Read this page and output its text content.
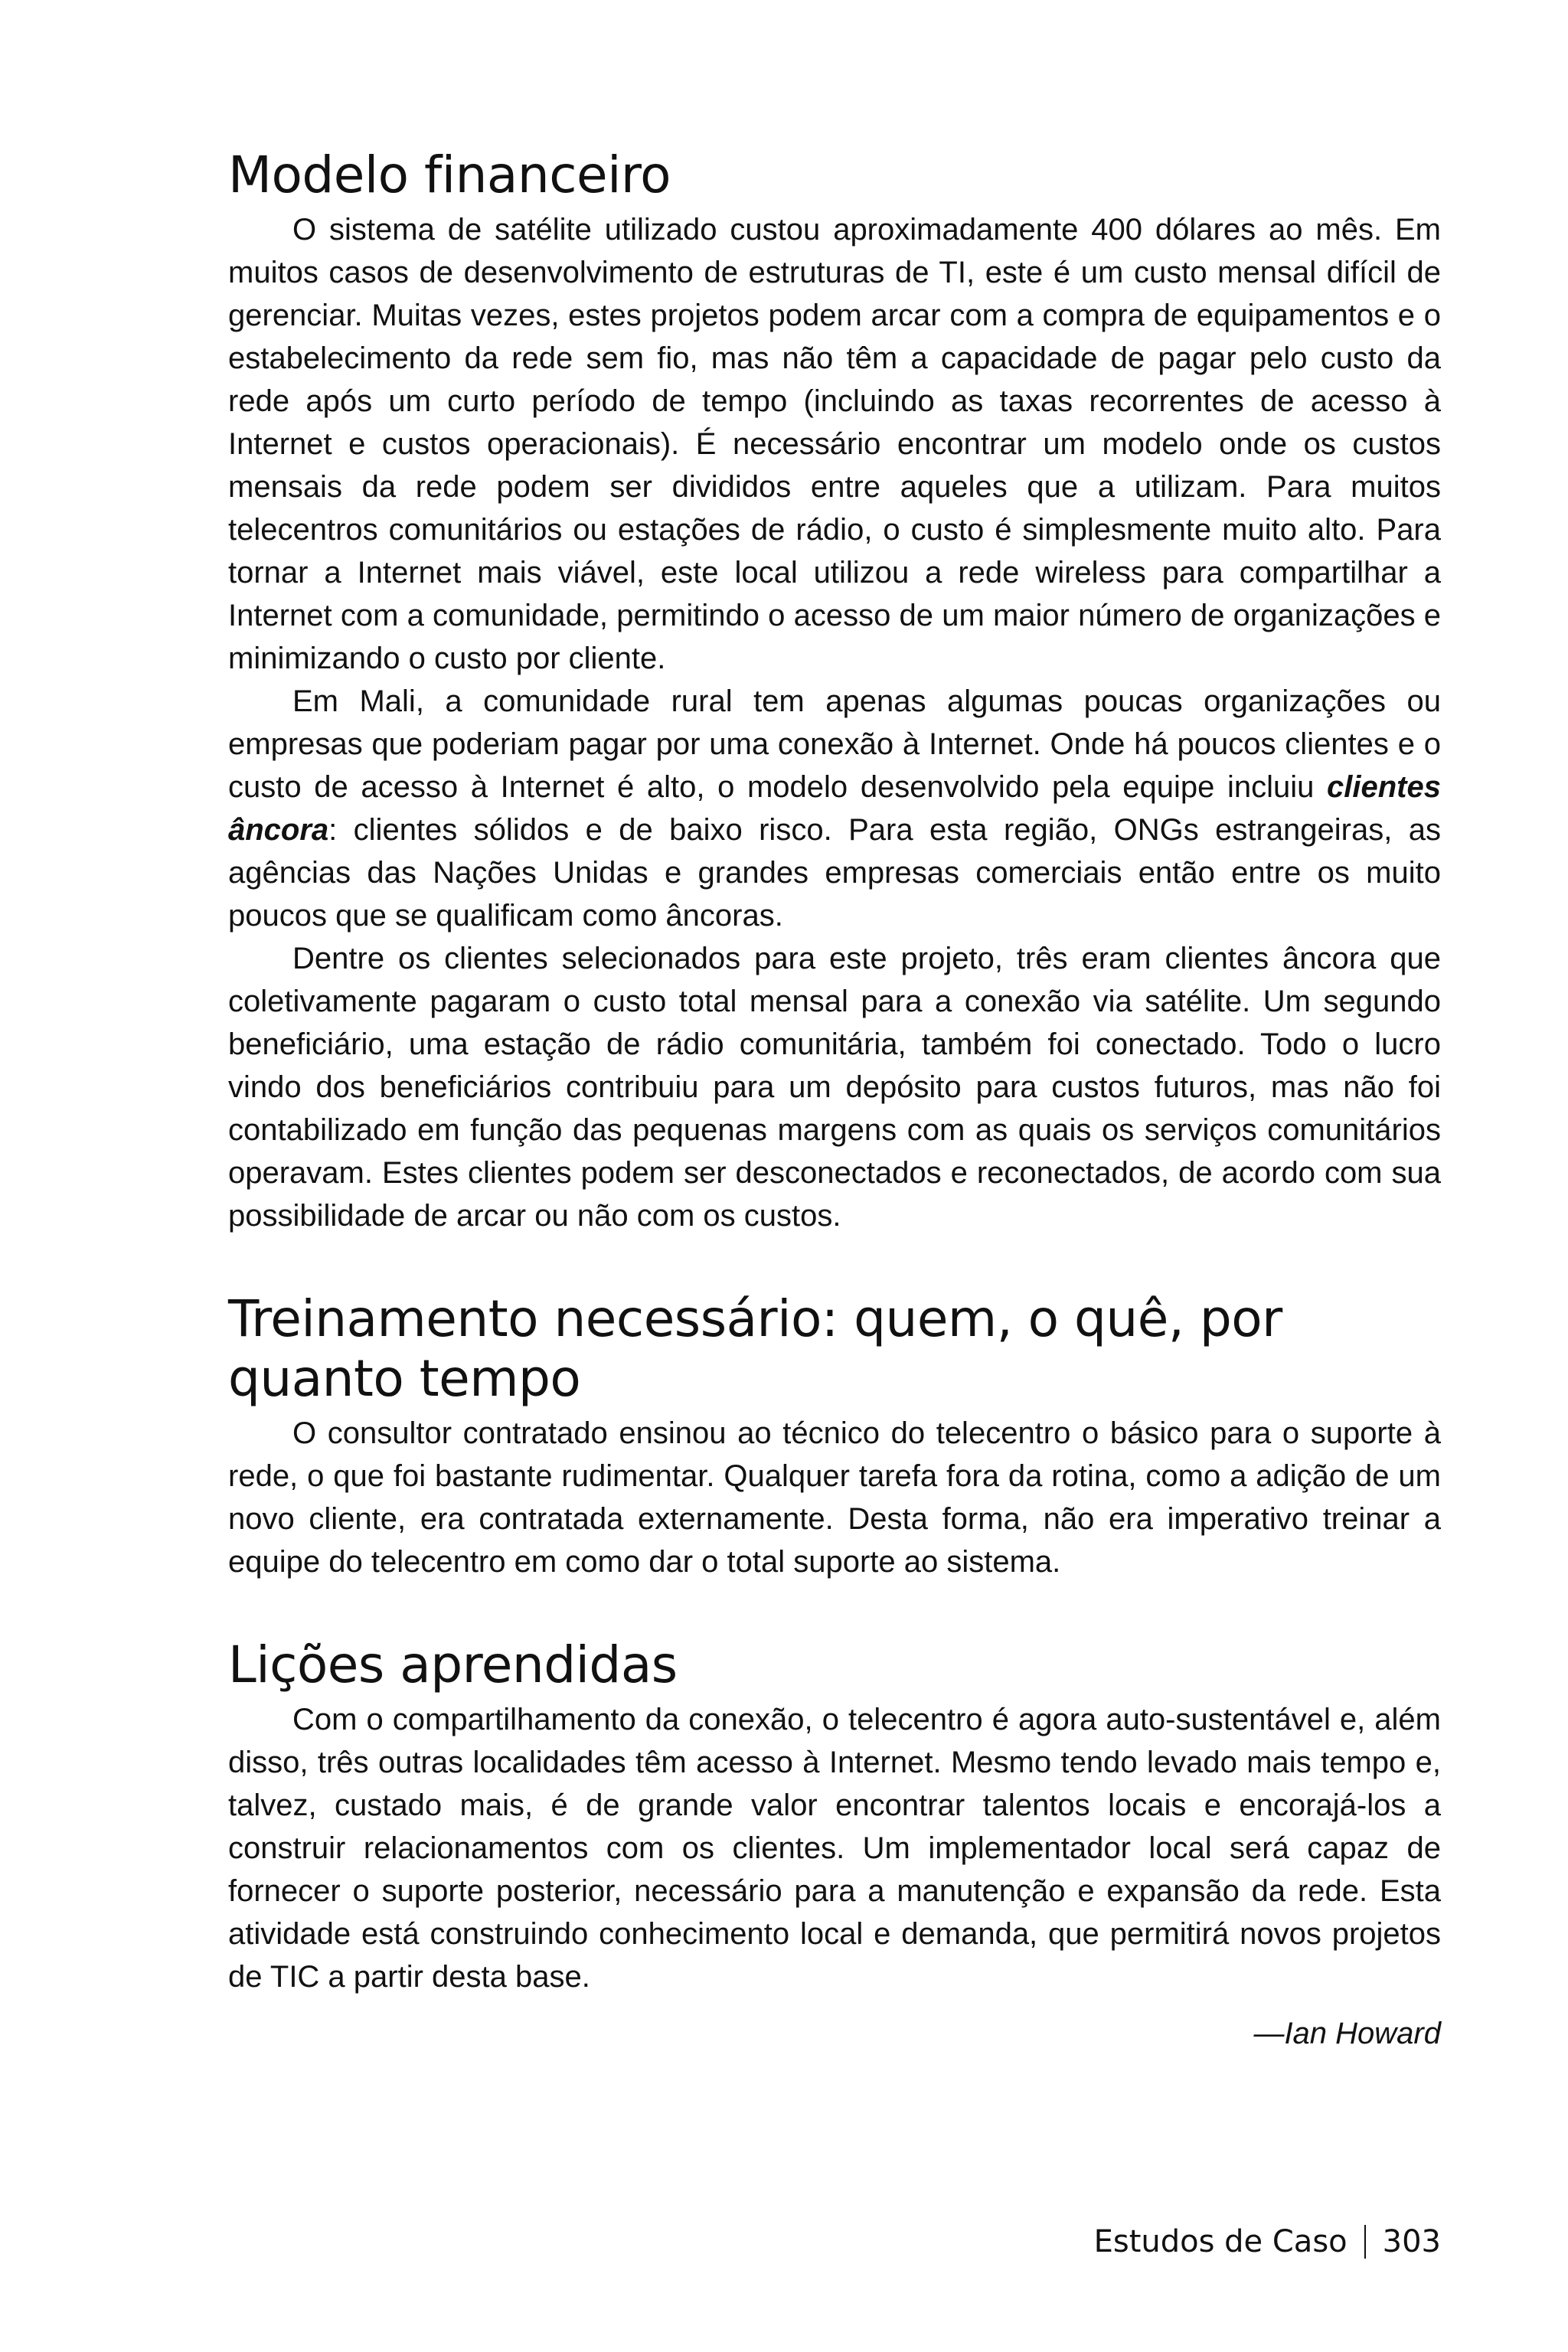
Modelo financeiro

O sistema de satélite utilizado custou aproximadamente 400 dólares ao mês. Em muitos casos de desenvolvimento de estruturas de TI, este é um custo mensal difícil de gerenciar. Muitas vezes, estes projetos podem arcar com a compra de equipamentos e o estabelecimento da rede sem fio, mas não têm a capacidade de pagar pelo custo da rede após um curto período de tempo (incluindo as taxas recorrentes de acesso à Internet e custos operacionais). É necessário encontrar um modelo onde os custos mensais da rede podem ser divididos entre aqueles que a utilizam. Para muitos telecentros comunitários ou estações de rádio, o custo é simplesmente muito alto. Para tornar a Internet mais viável, este local utilizou a rede wireless para compartilhar a Internet com a comunidade, permitindo o acesso de um maior número de organizações e minimizando o custo por cliente.

Em Mali, a comunidade rural tem apenas algumas poucas organizações ou empresas que poderiam pagar por uma conexão à Internet. Onde há poucos clientes e o custo de acesso à Internet é alto, o modelo desenvolvido pela equipe incluiu clientes âncora: clientes sólidos e de baixo risco. Para esta região, ONGs estrangeiras, as agências das Nações Unidas e grandes empresas comerciais então entre os muito poucos que se qualificam como âncoras.

Dentre os clientes selecionados para este projeto, três eram clientes âncora que coletivamente pagaram o custo total mensal para a conexão via satélite. Um segundo beneficiário, uma estação de rádio comunitária, também foi conectado. Todo o lucro vindo dos beneficiários contribuiu para um depósito para custos futuros, mas não foi contabilizado em função das pequenas margens com as quais os serviços comunitários operavam. Estes clientes podem ser desconectados e reconectados, de acordo com sua possibilidade de arcar ou não com os custos.

Treinamento necessário: quem, o quê, por quanto tempo

O consultor contratado ensinou ao técnico do telecentro o básico para o suporte à rede, o que foi bastante rudimentar. Qualquer tarefa fora da rotina, como a adição de um novo cliente, era contratada externamente. Desta forma, não era imperativo treinar a equipe do telecentro em como dar o total suporte ao sistema.

Lições aprendidas

Com o compartilhamento da conexão, o telecentro é agora auto-sustentável e, além disso, três outras localidades têm acesso à Internet. Mesmo tendo levado mais tempo e, talvez, custado mais, é de grande valor encontrar talentos locais e encorajá-los a construir relacionamentos com os clientes. Um implementador local será capaz de fornecer o suporte posterior, necessário para a manutenção e expansão da rede. Esta atividade está construindo conhecimento local e demanda, que permitirá novos projetos de TIC a partir desta base.

—Ian Howard
Estudos de Caso 303
